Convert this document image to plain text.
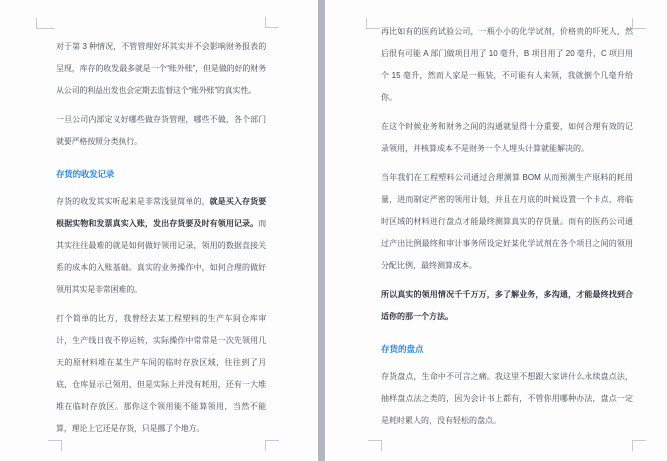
对于第 3 种情况，不管管理好坏其实并不会影响财务报表的呈现，库存的收发最多就是一个“账外账”，但是做的好的财务从公司的利益出发也会定期去监督这个“账外账”的真实性。
一旦公司内部定义好哪些做存货管理，哪些不做，各个部门就要严格按照分类执行。
存货的收发记录
存货的收发其实听起来是非常浅显简单的，就是买入存货要根据实物和发票真实入账，发出存货要及时有领用记录。而其实往往最难的就是如何做好领用记录，领用的数据直接关系的成本的入账基础。真实的业务操作中，如何合理的做好领用其实是非常困难的。
打个简单的比方，我曾经去某工程塑料的生产车间仓库审计，生产线日夜不停运转，实际操作中常常是一次先领用几天的原材料堆在某生产车间的临时存放区域，往往到了月底，仓库显示已领用，但是实际上并没有耗用，还有一大堆堆在临时存放区。那你这个领用能不能算领用，当然不能算，理论上它还是存货，只是挪了个地方。
再比如有的医药试验公司，一瓶小小的化学试剂，价格贵的吓死人，然后很有可能 A 部门做项目用了 10 毫升，B 项目用了 20 毫升，C 项目用个 15 毫升，然而人家是一瓶装，不可能有人来领，我就倒个几毫升给你。
在这个时候业务和财务之间的沟通就显得十分重要，如何合理有效的记录领用，并核算成本不是财务一个人埋头计算就能解决的。
当年我们在工程塑料公司通过合理测算 BOM 从而预测生产原料的耗用量，进而制定严密的领用计划，并且在月底的时候设置一个卡点，将临时区域的材料进行盘点才能最终测算真实的存货量。而有的医药公司通过产出比例最终和审计事务所设定好某化学试剂在各个项目之间的领用分配比例，最终测算成本。
所以真实的领用情况千千万万，多了解业务，多沟通，才能最终找到合适你的那一个方法。
存货的盘点
存货盘点，生命中不可言之痛。我这里不想跟大家讲什么永续盘点法，抽样盘点法之类的，因为会计书上都有，不管你用哪种办法，盘点一定是耗时累人的，没有轻松的盘点。
